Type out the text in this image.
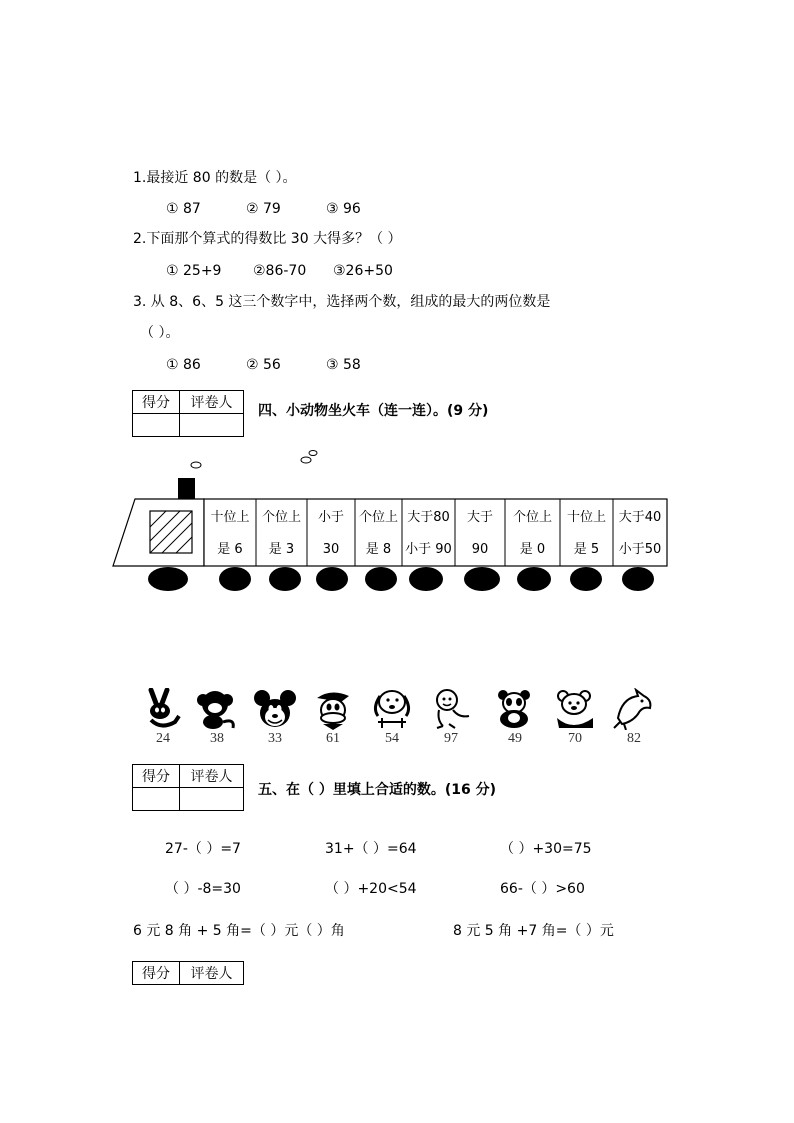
1.最接近 80 的数是（ ）。
① 87	② 79	③ 96
2.下面那个算式的得数比 30 大得多？（ ）
① 25+9 ②86-70 ③26+50
3. 从 8、6、5 这三个数字中，选择两个数，组成的最大的两位数是
（ ）。
① 86	② 56	③ 58
得分	评卷人
	四、小动物坐火车（连一连）。(9 分)
十位上
是 6
个位上
是 3
小于
30
个位上
是 8
大于80
小于 90
大于
90
个位上
是 0
十位上
是 5
大于40
小于50
24	38	33	61	54	97	49	70	82
得分	评卷人

五、在（ ）里填上合适的数。(16 分)
27-（ ）=7	31+（ ）=64	（ ）+30=75
（ ）-8=30	（ ）+20<54	66-（ ）>60
6 元 8 角 + 5 角=（ ）元（ ）角	8 元 5 角 +7 角=（ ）元
得分	评卷人
